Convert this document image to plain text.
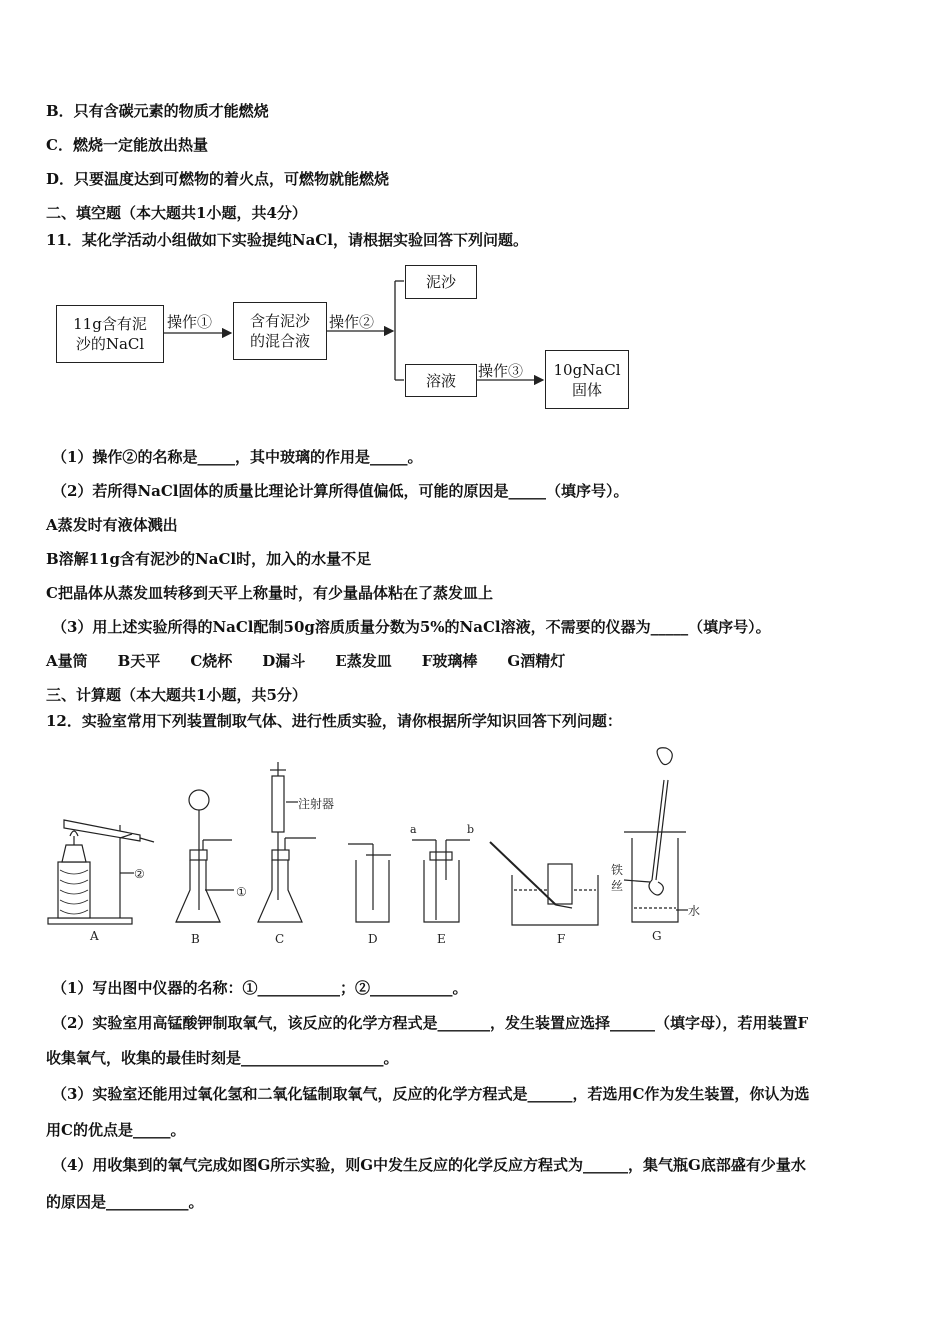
B．只有含碳元素的物质才能燃烧
C．燃烧一定能放出热量
D．只要温度达到可燃物的着火点，可燃物就能燃烧
二、填空题（本大题共1小题，共4分）
11．某化学活动小组做如下实验提纯NaCl，请根据实验回答下列问题。
11g含有泥
沙的NaCl
含有泥沙
的混合液
泥沙
溶液
10gNaCl
固体
操作①	操作②
操作③
（1）操作②的名称是_____，其中玻璃的作用是_____。
（2）若所得NaCl固体的质量比理论计算所得值偏低，可能的原因是_____（填序号）。
A蒸发时有液体溅出
B溶解11g含有泥沙的NaCl时，加入的水量不足
C把晶体从蒸发皿转移到天平上称量时，有少量晶体粘在了蒸发皿上
（3）用上述实验所得的NaCl配制50g溶质质量分数为5%的NaCl溶液，不需要的仪器为_____（填序号）。
A量筒 B天平 C烧杯 D漏斗 E蒸发皿 F玻璃棒 G酒精灯
三、计算题（本大题共1小题，共5分）
12．实验室常用下列装置制取气体、进行性质实验，请你根据所学知识回答下列问题：
②
①
注射器
a	b
铁
丝
水
A	B	C	D	E	F	G
（1）写出图中仪器的名称：①___________；②___________。
（2）实验室用高锰酸钾制取氧气，该反应的化学方程式是_______，发生装置应选择______（填字母），若用装置F
收集氧气，收集的最佳时刻是___________________。
（3）实验室还能用过氧化氢和二氧化锰制取氧气，反应的化学方程式是______，若选用C作为发生装置，你认为选
用C的优点是_____。
（4）用收集到的氧气完成如图G所示实验，则G中发生反应的化学反应方程式为______，集气瓶G底部盛有少量水
的原因是___________。
